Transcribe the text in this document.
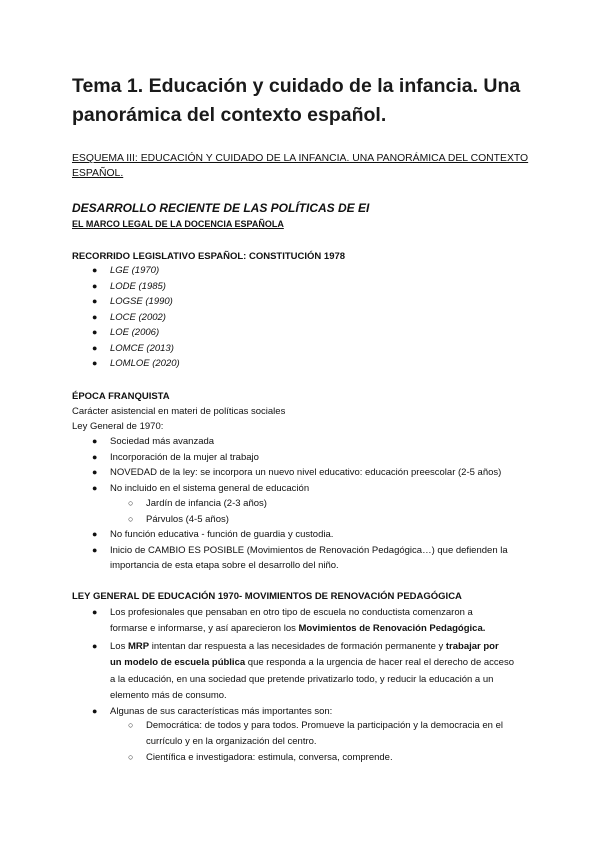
Tema 1. Educación y cuidado de la infancia. Una panorámica del contexto español.
ESQUEMA III: EDUCACIÓN Y CUIDADO DE LA INFANCIA. UNA PANORÁMICA DEL CONTEXTO ESPAÑOL.
DESARROLLO RECIENTE DE LAS POLÍTICAS DE EI
EL MARCO LEGAL DE LA DOCENCIA ESPAÑOLA
RECORRIDO LEGISLATIVO ESPAÑOL: CONSTITUCIÓN 1978
● LGE (1970)
● LODE (1985)
● LOGSE (1990)
● LOCE (2002)
● LOE (2006)
● LOMCE (2013)
● LOMLOE (2020)
ÉPOCA FRANQUISTA
Carácter asistencial en materi de políticas sociales
Ley General de 1970:
● Sociedad más avanzada
● Incorporación de la mujer al trabajo
● NOVEDAD de la ley: se incorpora un nuevo nivel educativo: educación preescolar (2-5 años)
● No incluido en el sistema general de educación
○ Jardín de infancia (2-3 años)
○ Párvulos (4-5 años)
● No función educativa - función de guardia y custodia.
● Inicio de CAMBIO ES POSIBLE (Movimientos de Renovación Pedagógica…) que defienden la
importancia de esta etapa sobre el desarrollo del niño.
LEY GENERAL DE EDUCACIÓN 1970- MOVIMIENTOS DE RENOVACIÓN PEDAGÓGICA
● Los profesionales que pensaban en otro tipo de escuela no conductista comenzaron a
formarse e informarse, y así aparecieron los Movimientos de Renovación Pedagógica.
● Los MRP intentan dar respuesta a las necesidades de formación permanente y trabajar por
un modelo de escuela pública que responda a la urgencia de hacer real el derecho de acceso
a la educación, en una sociedad que pretende privatizarlo todo, y reducir la educación a un
elemento más de consumo.
● Algunas de sus características más importantes son:
○ Democrática: de todos y para todos. Promueve la participación y la democracia en el
currículo y en la organización del centro.
○ Científica e investigadora: estimula, conversa, comprende.
